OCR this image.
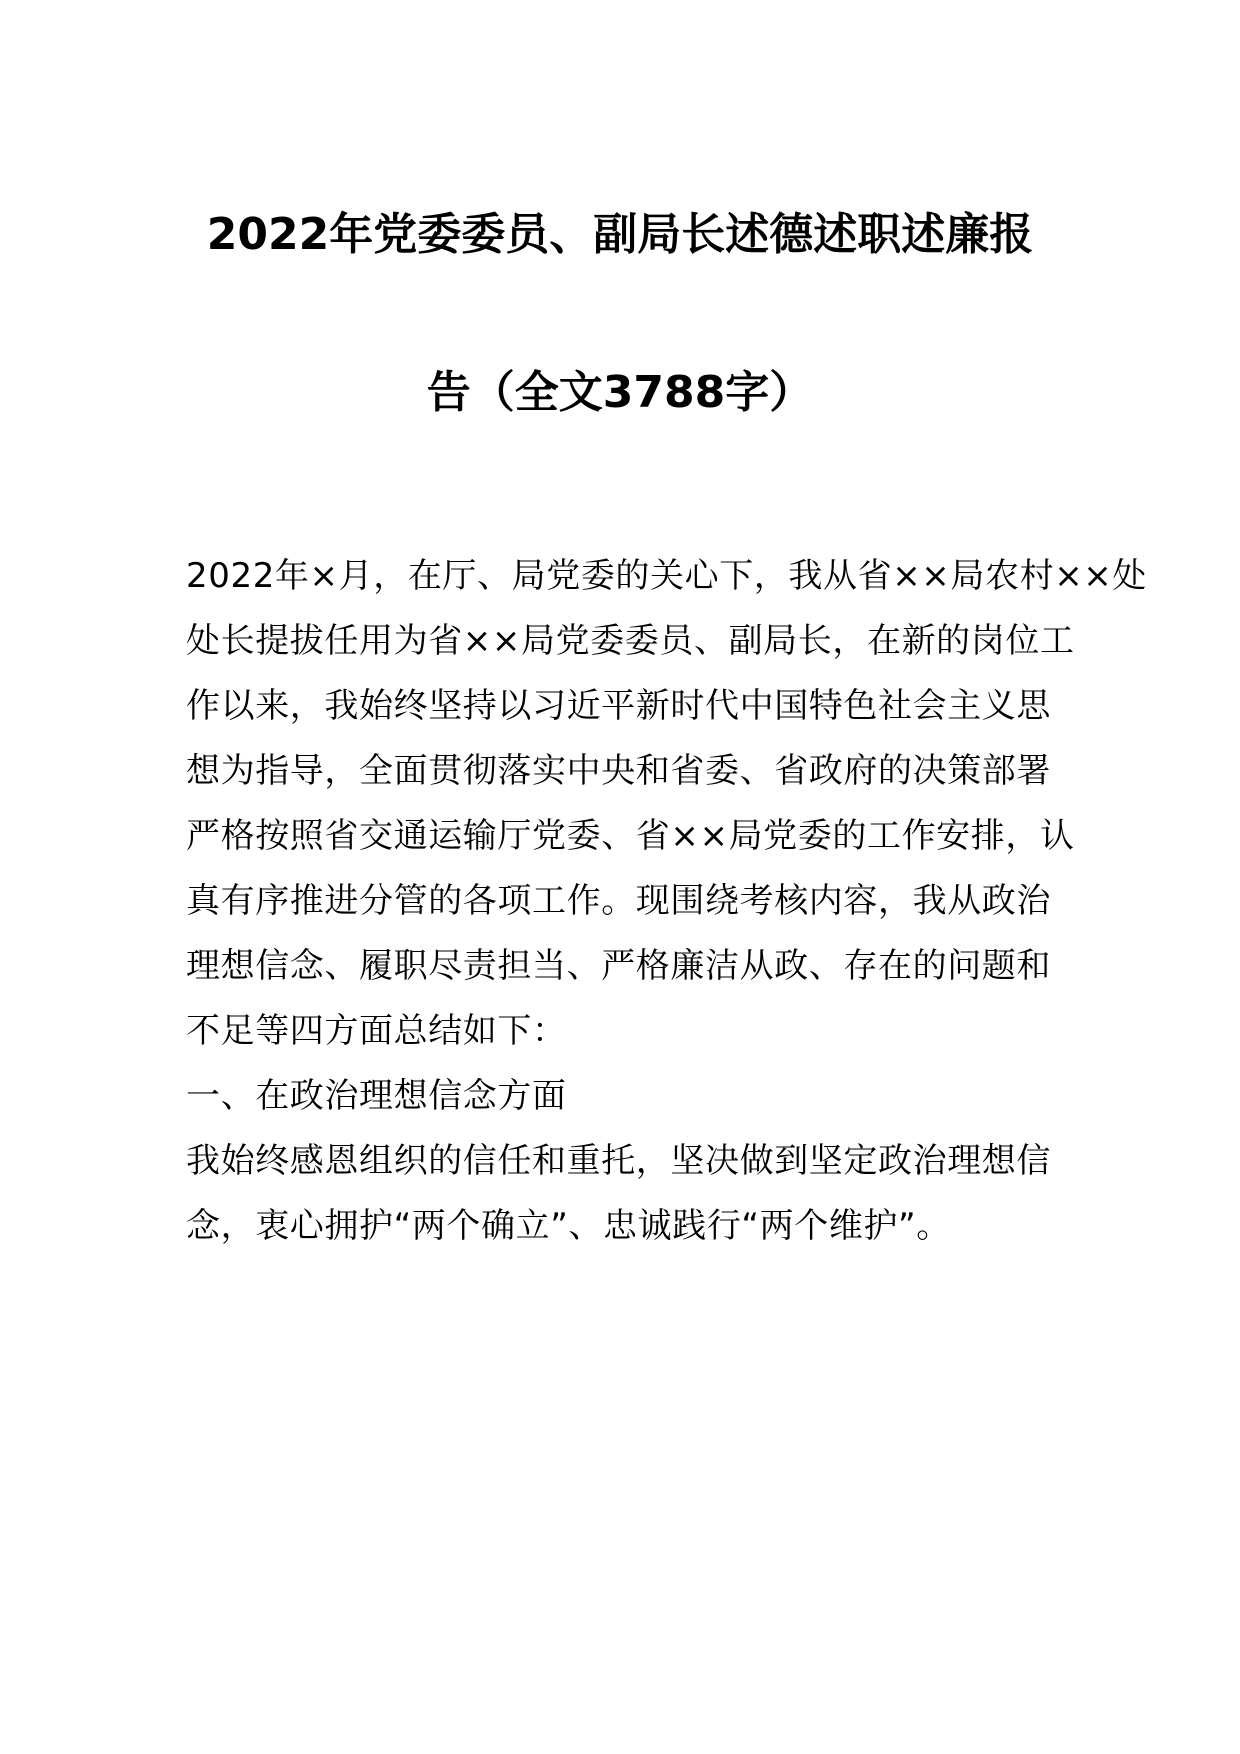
2022年党委委员、副局长述德述职述廉报
告（全文3788字）
2022年×月，在厅、局党委的关心下，我从省××局农村××处
处长提拔任用为省××局党委委员、副局长，在新的岗位工
作以来，我始终坚持以习近平新时代中国特色社会主义思
想为指导，全面贯彻落实中央和省委、省政府的决策部署
严格按照省交通运输厅党委、省××局党委的工作安排，认
真有序推进分管的各项工作。现围绕考核内容，我从政治
理想信念、履职尽责担当、严格廉洁从政、存在的问题和
不足等四方面总结如下：
一、在政治理想信念方面
我始终感恩组织的信任和重托，坚决做到坚定政治理想信
念，衷心拥护“两个确立”、忠诚践行“两个维护”。
